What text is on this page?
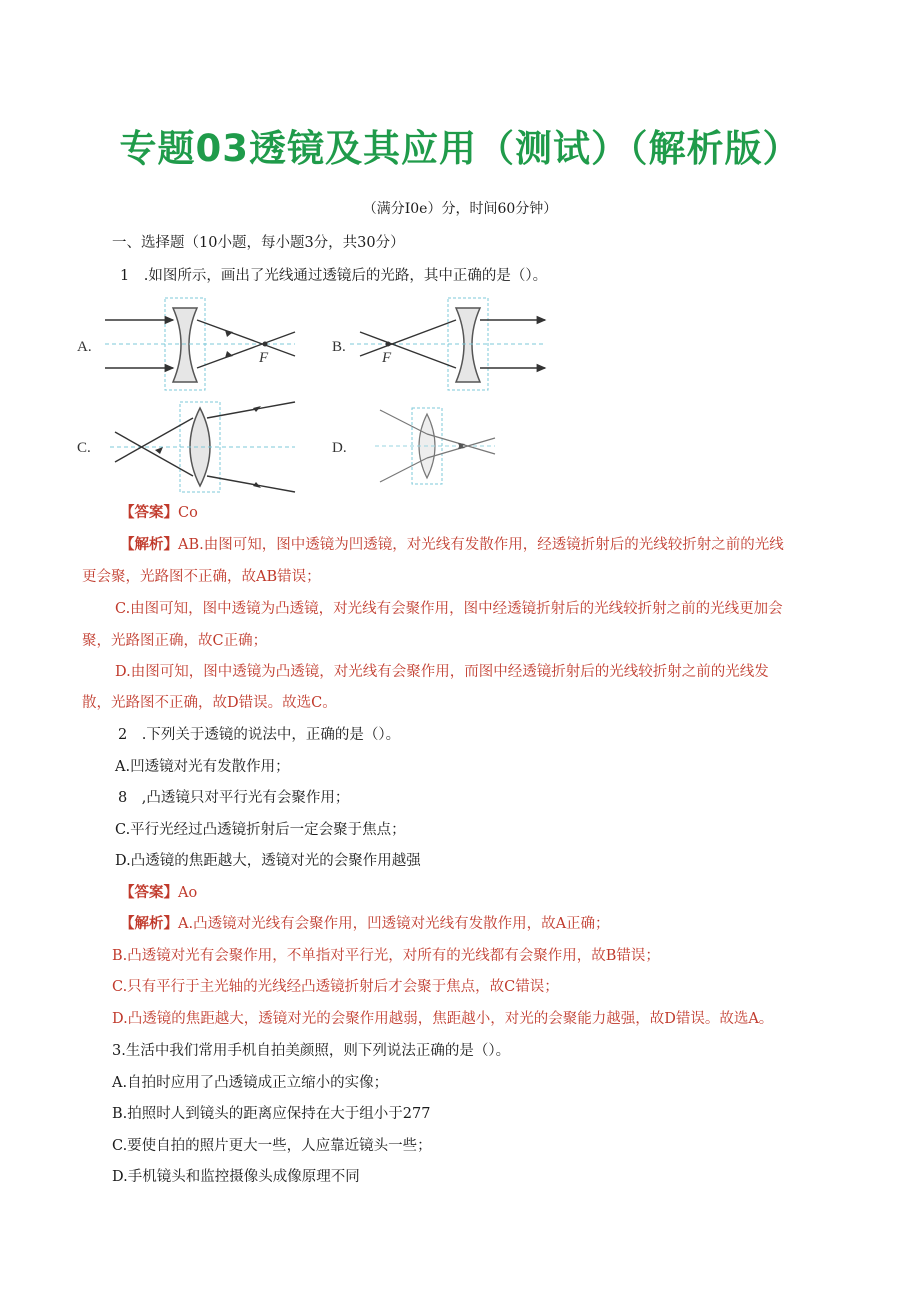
专题03透镜及其应用（测试）（解析版）
（满分I0e）分，时间60分钟）
一、选择题（10小题，每小题3分，共30分）
1　.如图所示，画出了光线通过透镜后的光路，其中正确的是（）。
A.
F
B.
F
C.	D.
【答案】Co
【解析】AB.由图可知，图中透镜为凹透镜，对光线有发散作用，经透镜折射后的光线较折射之前的光线
更会聚，光路图不正确，故AB错误；
C.由图可知，图中透镜为凸透镜，对光线有会聚作用，图中经透镜折射后的光线较折射之前的光线更加会
聚，光路图正确，故C正确；
D.由图可知，图中透镜为凸透镜，对光线有会聚作用，而图中经透镜折射后的光线较折射之前的光线发
散，光路图不正确，故D错误。故选C。
2　.下列关于透镜的说法中，正确的是（）。
A.凹透镜对光有发散作用；
8　,凸透镜只对平行光有会聚作用；
C.平行光经过凸透镜折射后一定会聚于焦点；
D.凸透镜的焦距越大，透镜对光的会聚作用越强
【答案】Ao
【解析】A.凸透镜对光线有会聚作用，凹透镜对光线有发散作用，故A正确；
B.凸透镜对光有会聚作用，不单指对平行光，对所有的光线都有会聚作用，故B错误；
C.只有平行于主光轴的光线经凸透镜折射后才会聚于焦点，故C错误；
D.凸透镜的焦距越大，透镜对光的会聚作用越弱，焦距越小，对光的会聚能力越强，故D错误。故选A。
3.生活中我们常用手机自拍美颜照，则下列说法正确的是（）。
A.自拍时应用了凸透镜成正立缩小的实像；
B.拍照时人到镜头的距离应保持在大于组小于277
C.要使自拍的照片更大一些，人应靠近镜头一些；
D.手机镜头和监控摄像头成像原理不同
